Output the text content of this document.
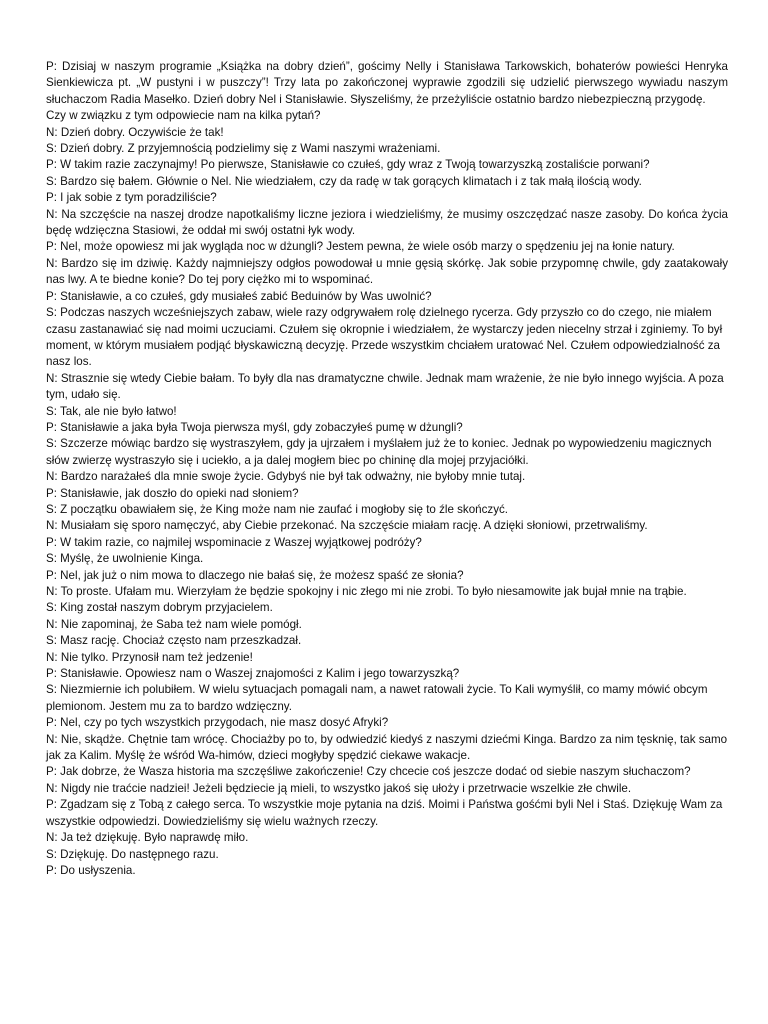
P: Dzisiaj w naszym programie „Książka na dobry dzień”, gościmy Nelly i Stanisława Tarkowskich, bohaterów powieści Henryka Sienkiewicza pt. „W pustyni i w puszczy”! Trzy lata po zakończonej wyprawie zgodzili się udzielić pierwszego wywiadu naszym słuchaczom Radia Masełko. Dzień dobry Nel i Stanisławie. Słyszeliśmy, że przeżyliście ostatnio bardzo niebezpieczną przygodę.

Czy w związku z tym odpowiecie nam na kilka pytań?

N: Dzień dobry. Oczywiście że tak!

S: Dzień dobry. Z przyjemnością podzielimy się z Wami naszymi wrażeniami.

P: W takim razie zaczynajmy! Po pierwsze, Stanisławie co czułeś, gdy wraz z Twoją towarzyszką zostaliście porwani?

S: Bardzo się bałem. Głównie o Nel. Nie wiedziałem, czy da radę w tak gorących klimatach i z tak małą ilością wody.

P: I jak sobie z tym poradziliście?

N: Na szczęście na naszej drodze napotkaliśmy liczne jeziora i wiedzieliśmy, że musimy oszczędzać nasze zasoby. Do końca życia będę wdzięczna Stasiowi, że oddał mi swój ostatni łyk wody.

P: Nel, może opowiesz mi jak wygląda noc w dżungli? Jestem pewna, że wiele osób marzy o spędzeniu jej na łonie natury.

N: Bardzo się im dziwię. Każdy najmniejszy odgłos powodował u mnie gęsią skórkę. Jak sobie przypomnę chwile, gdy zaatakowały nas lwy. A te biedne konie? Do tej pory ciężko mi to wspominać.

P: Stanisławie, a co czułeś, gdy musiałeś zabić Beduinów by Was uwolnić?

S: Podczas naszych wcześniejszych zabaw, wiele razy odgrywałem rolę dzielnego rycerza. Gdy przyszło co do czego, nie miałem czasu zastanawiać się nad moimi uczuciami. Czułem się okropnie i wiedziałem, że wystarczy jeden niecelny strzał i zginiemy. To był moment, w którym musiałem podjąć błyskawiczną decyzję. Przede wszystkim chciałem uratować Nel. Czułem odpowiedzialność za nasz los.

N: Strasznie się wtedy Ciebie bałam. To były dla nas dramatyczne chwile. Jednak mam wrażenie, że nie było innego wyjścia. A poza tym, udało się.

S: Tak, ale nie było łatwo!

P: Stanisławie a jaka była Twoja pierwsza myśl, gdy zobaczyłeś pumę w dżungli?

S: Szczerze mówiąc bardzo się wystraszyłem, gdy ja ujrzałem i myślałem już że to koniec. Jednak po wypowiedzeniu magicznych słów zwierzę wystraszyło się i uciekło, a ja dalej mogłem biec po chininę dla mojej przyjaciółki.

N: Bardzo narażałeś dla mnie swoje życie. Gdybyś nie był tak odważny, nie byłoby mnie tutaj.

P: Stanisławie, jak doszło do opieki nad słoniem?

S: Z początku obawiałem się, że King może nam nie zaufać i mogłoby się to źle skończyć.

N: Musiałam się sporo namęczyć, aby Ciebie przekonać. Na szczęście miałam rację. A dzięki słoniowi, przetrwaliśmy.

P: W takim razie, co najmilej wspominacie z Waszej wyjątkowej podróży?

S: Myślę, że uwolnienie Kinga.

P: Nel, jak już o nim mowa to dlaczego nie bałaś się, że możesz spaść ze słonia?

N: To proste. Ufałam mu. Wierzyłam że będzie spokojny i nic złego mi nie zrobi. To było niesamowite jak bujał mnie na trąbie.

S: King został naszym dobrym przyjacielem.

N: Nie zapominaj, że Saba też nam wiele pomógł.

S: Masz rację. Chociaż często nam przeszkadzał.

N: Nie tylko. Przynosił nam też jedzenie!

P: Stanisławie. Opowiesz nam o Waszej znajomości z Kalim i jego towarzyszką?

S: Niezmiernie ich polubiłem. W wielu sytuacjach pomagali nam, a nawet ratowali życie. To Kali wymyślił, co mamy mówić obcym plemionom. Jestem mu za to bardzo wdzięczny.

P: Nel, czy po tych wszystkich przygodach, nie masz dosyć Afryki?

N: Nie, skądże. Chętnie tam wrócę. Chociażby po to, by odwiedzić kiedyś z naszymi dziećmi Kinga. Bardzo za nim tęsknię, tak samo jak za Kalim. Myślę że wśród Wa-himów, dzieci mogłyby spędzić ciekawe wakacje.

P: Jak dobrze, że Wasza historia ma szczęśliwe zakończenie! Czy chcecie coś jeszcze dodać od siebie naszym słuchaczom?

N: Nigdy nie traćcie nadziei! Jeżeli będziecie ją mieli, to wszystko jakoś się ułoży i przetrwacie wszelkie złe chwile.

P: Zgadzam się z Tobą z całego serca. To wszystkie moje pytania na dziś. Moimi i Państwa gośćmi byli Nel i Staś. Dziękuję Wam za wszystkie odpowiedzi. Dowiedzieliśmy się wielu ważnych rzeczy.

N: Ja też dziękuję. Było naprawdę miło.

S: Dziękuję. Do następnego razu.

P: Do usłyszenia.
